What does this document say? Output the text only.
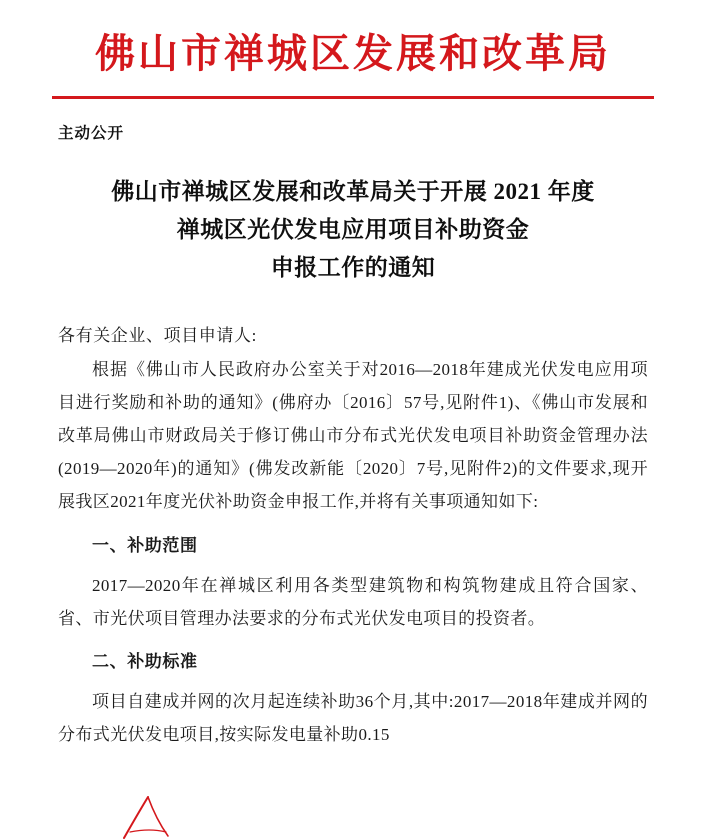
佛山市禅城区发展和改革局
主动公开
佛山市禅城区发展和改革局关于开展 2021 年度
禅城区光伏发电应用项目补助资金
申报工作的通知
各有关企业、项目申请人:

根据《佛山市人民政府办公室关于对2016—2018年建成光伏发电应用项目进行奖励和补助的通知》(佛府办〔2016〕57号,见附件1)、《佛山市发展和改革局佛山市财政局关于修订佛山市分布式光伏发电项目补助资金管理办法(2019—2020年)的通知》(佛发改新能〔2020〕7号,见附件2)的文件要求,现开展我区2021年度光伏补助资金申报工作,并将有关事项通知如下:

一、补助范围

2017—2020年在禅城区利用各类型建筑物和构筑物建成且符合国家、省、市光伏项目管理办法要求的分布式光伏发电项目的投资者。

二、补助标准

项目自建成并网的次月起连续补助36个月,其中:2017—2018年建成并网的分布式光伏发电项目,按实际发电量补助0.15
